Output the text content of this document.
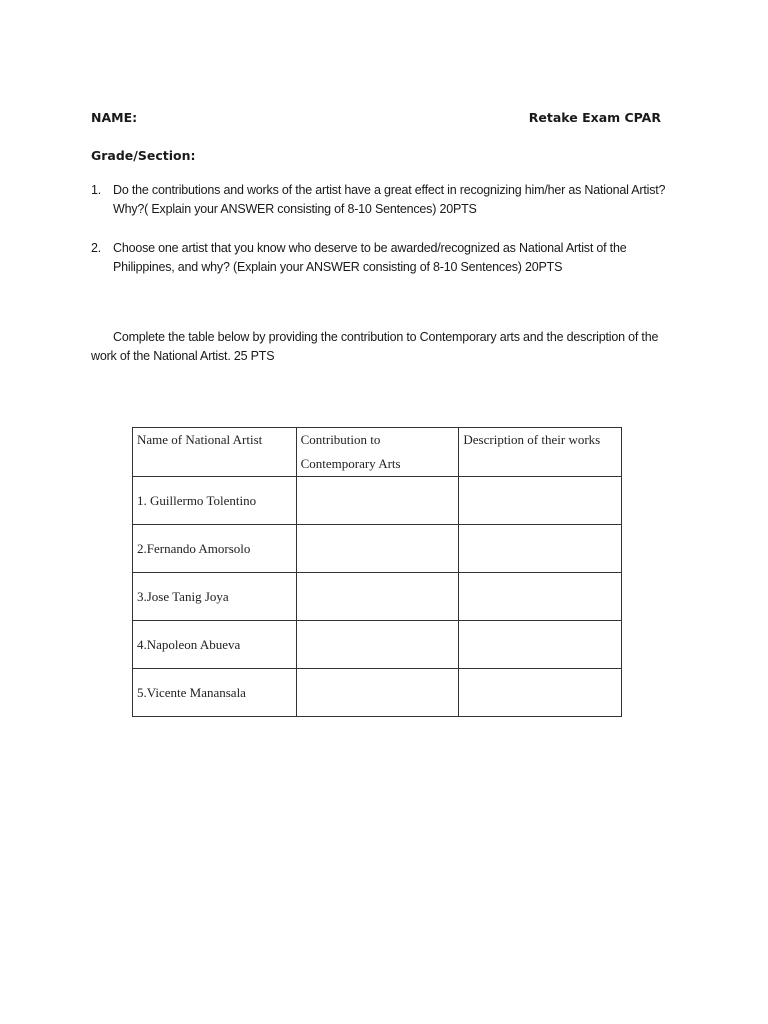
NAME:	Retake Exam CPAR
Grade/Section:
1. Do the contributions and works of the artist have a great effect in recognizing him/her as National Artist? Why?( Explain your ANSWER consisting of 8-10 Sentences) 20PTS
2. Choose one artist that you know who deserve to be awarded/recognized as National Artist of the Philippines, and why? (Explain your ANSWER consisting of 8-10 Sentences) 20PTS
Complete the table below by providing the contribution to Contemporary arts and the description of the work of the National Artist. 25 PTS
Name of National Artist	Contribution to Contemporary Arts	Description of their works
1. Guillermo Tolentino		
2.Fernando Amorsolo		
3.Jose Tanig Joya		
4.Napoleon Abueva		
5.Vicente Manansala		
